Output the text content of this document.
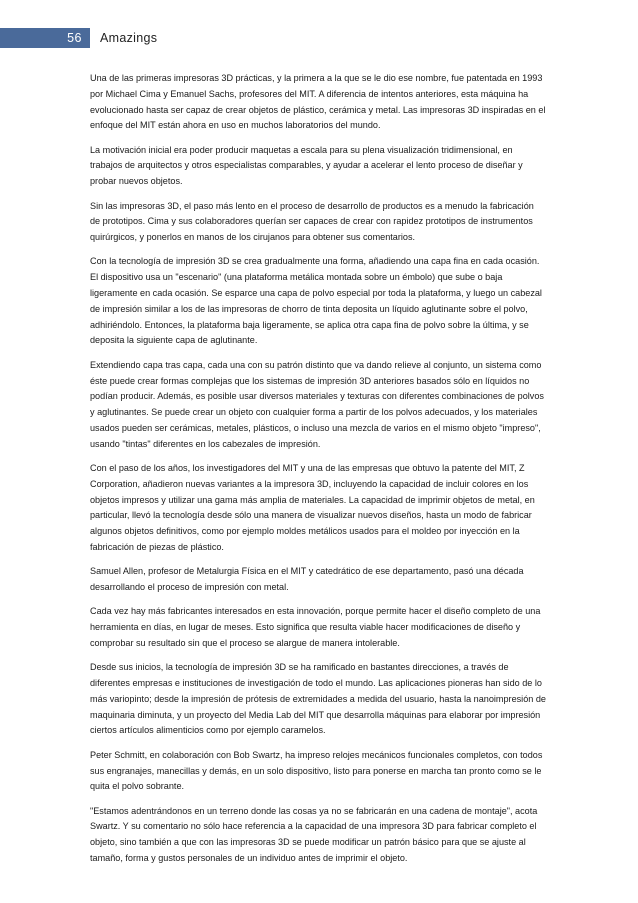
56	Amazings

Una de las primeras impresoras 3D prácticas, y la primera a la que se le dio ese nombre, fue patentada en 1993 por Michael Cima y Emanuel Sachs, profesores del MIT. A diferencia de intentos anteriores, esta máquina ha evolucionado hasta ser capaz de crear objetos de plástico, cerámica y metal. Las impresoras 3D inspiradas en el enfoque del MIT están ahora en uso en muchos laboratorios del mundo.

La motivación inicial era poder producir maquetas a escala para su plena visualización tridimensional, en trabajos de arquitectos y otros especialistas comparables, y ayudar a acelerar el lento proceso de diseñar y probar nuevos objetos.

Sin las impresoras 3D, el paso más lento en el proceso de desarrollo de productos es a menudo la fabricación de prototipos. Cima y sus colaboradores querían ser capaces de crear con rapidez prototipos de instrumentos quirúrgicos, y ponerlos en manos de los cirujanos para obtener sus comentarios.

Con la tecnología de impresión 3D se crea gradualmente una forma, añadiendo una capa fina en cada ocasión. El dispositivo usa un "escenario" (una plataforma metálica montada sobre un émbolo) que sube o baja ligeramente en cada ocasión. Se esparce una capa de polvo especial por toda la plataforma, y luego un cabezal de impresión similar a los de las impresoras de chorro de tinta deposita un líquido aglutinante sobre el polvo, adhiriéndolo. Entonces, la plataforma baja ligeramente, se aplica otra capa fina de polvo sobre la última, y se deposita la siguiente capa de aglutinante.

Extendiendo capa tras capa, cada una con su patrón distinto que va dando relieve al conjunto, un sistema como éste puede crear formas complejas que los sistemas de impresión 3D anteriores basados sólo en líquidos no podían producir. Además, es posible usar diversos materiales y texturas con diferentes combinaciones de polvos y aglutinantes. Se puede crear un objeto con cualquier forma a partir de los polvos adecuados, y los materiales usados pueden ser cerámicas, metales, plásticos, o incluso una mezcla de varios en el mismo objeto "impreso", usando "tintas" diferentes en los cabezales de impresión.

Con el paso de los años, los investigadores del MIT y una de las empresas que obtuvo la patente del MIT, Z Corporation, añadieron nuevas variantes a la impresora 3D, incluyendo la capacidad de incluir colores en los objetos impresos y utilizar una gama más amplia de materiales. La capacidad de imprimir objetos de metal, en particular, llevó la tecnología desde sólo una manera de visualizar nuevos diseños, hasta un modo de fabricar algunos objetos definitivos, como por ejemplo moldes metálicos usados para el moldeo por inyección en la fabricación de piezas de plástico.

Samuel Allen, profesor de Metalurgia Física en el MIT y catedrático de ese departamento, pasó una década desarrollando el proceso de impresión con metal.

Cada vez hay más fabricantes interesados en esta innovación, porque permite hacer el diseño completo de una herramienta en días, en lugar de meses. Esto significa que resulta viable hacer modificaciones de diseño y comprobar su resultado sin que el proceso se alargue de manera intolerable.

Desde sus inicios, la tecnología de impresión 3D se ha ramificado en bastantes direcciones, a través de diferentes empresas e instituciones de investigación de todo el mundo. Las aplicaciones pioneras han sido de lo más variopinto; desde la impresión de prótesis de extremidades a medida del usuario, hasta la nanoimpresión de maquinaria diminuta, y un proyecto del Media Lab del MIT que desarrolla máquinas para elaborar por impresión ciertos artículos alimenticios como por ejemplo caramelos.

Peter Schmitt, en colaboración con Bob Swartz, ha impreso relojes mecánicos funcionales completos, con todos sus engranajes, manecillas y demás, en un solo dispositivo, listo para ponerse en marcha tan pronto como se le quita el polvo sobrante.

"Estamos adentrándonos en un terreno donde las cosas ya no se fabricarán en una cadena de montaje", acota Swartz. Y su comentario no sólo hace referencia a la capacidad de una impresora 3D para fabricar completo el objeto, sino también a que con las impresoras 3D se puede modificar un patrón básico para que se ajuste al tamaño, forma y gustos personales de un individuo antes de imprimir el objeto.
